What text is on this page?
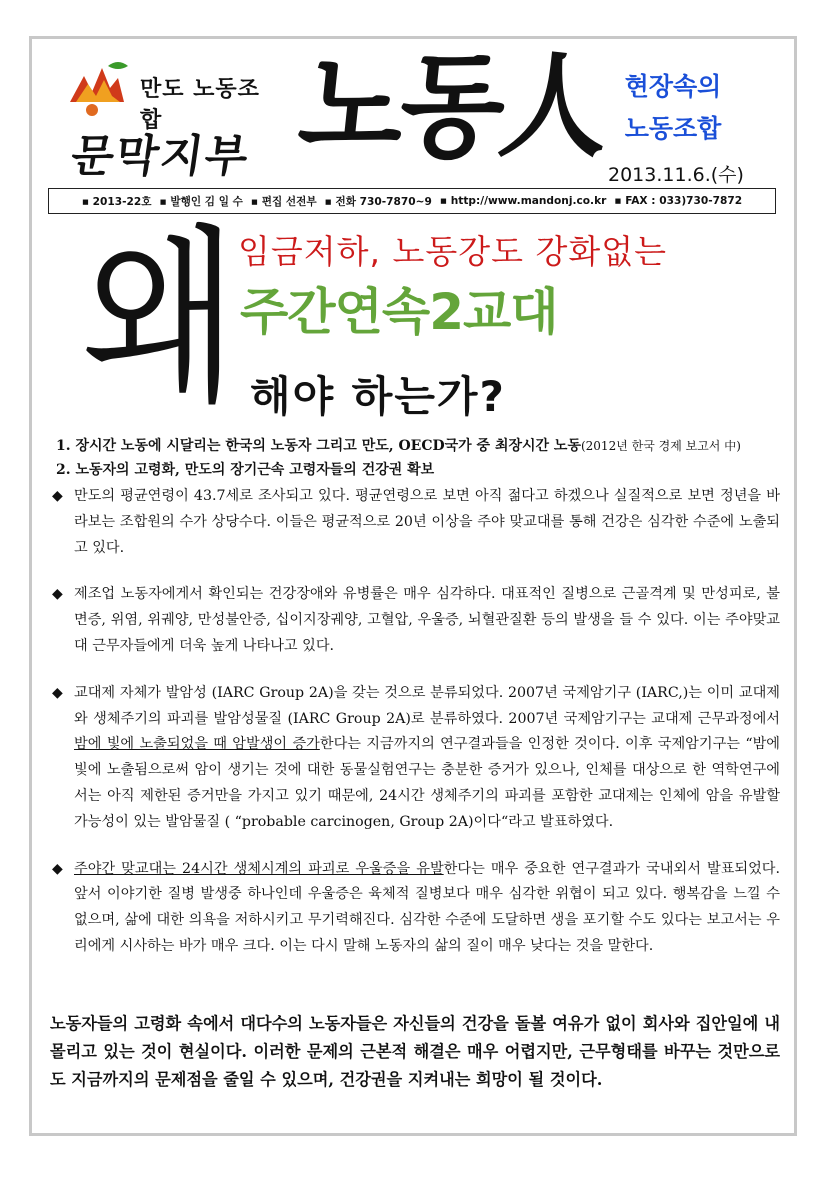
만도 노동조합
문막지부 노동人 현장속의
노동조합
2013.11.6.(수)
▪ 2013-22호 ▪ 발행인 김 일 수 ▪ 편집 선전부 ▪ 전화 730-7870~9 ▪ http://www.mandonj.co.kr ▪ FAX : 033)730-7872
왜 임금저하, 노동강도 강화없는
주간연속2교대
해야 하는가?
1. 장시간 노동에 시달리는 한국의 노동자 그리고 만도, OECD국가 중 최장시간 노동(2012년 한국 경제 보고서 中)
2. 노동자의 고령화, 만도의 장기근속 고령자들의 건강권 확보
◆ 만도의 평균연령이 43.7세로 조사되고 있다. 평균연령으로 보면 아직 젊다고 하겠으나 실질적으로 보면 정년을 바라보는 조합원의 수가 상당수다. 이들은 평균적으로 20년 이상을 주야 맞교대를 통해 건강은 심각한 수준에 노출되고 있다.
◆ 제조업 노동자에게서 확인되는 건강장애와 유병률은 매우 심각하다. 대표적인 질병으로 근골격계 및 만성피로, 불면증, 위염, 위궤양, 만성불안증, 십이지장궤양, 고혈압, 우울증, 뇌혈관질환 등의 발생을 들 수 있다. 이는 주야맞교대 근무자들에게 더욱 높게 나타나고 있다.
◆ 교대제 자체가 발암성 (IARC Group 2A)을 갖는 것으로 분류되었다. 2007년 국제암기구 (IARC,)는 이미 교대제와 생체주기의 파괴를 발암성물질 (IARC Group 2A)로 분류하였다. 2007년 국제암기구는 교대제 근무과정에서 밤에 빛에 노출되었을 때 암발생이 증가한다는 지금까지의 연구결과들을 인정한 것이다. 이후 국제암기구는 “밤에 빛에 노출됨으로써 암이 생기는 것에 대한 동물실험연구는 충분한 증거가 있으나, 인체를 대상으로 한 역학연구에서는 아직 제한된 증거만을 가지고 있기 때문에, 24시간 생체주기의 파괴를 포함한 교대제는 인체에 암을 유발할 가능성이 있는 발암물질 ( “probable carcinogen, Group 2A)이다“라고 발표하였다.
◆ 주야간 맞교대는 24시간 생체시계의 파괴로 우울증을 유발한다는 매우 중요한 연구결과가 국내외서 발표되었다. 앞서 이야기한 질병 발생중 하나인데 우울증은 육체적 질병보다 매우 심각한 위협이 되고 있다. 행복감을 느낄 수 없으며, 삶에 대한 의욕을 저하시키고 무기력해진다. 심각한 수준에 도달하면 생을 포기할 수도 있다는 보고서는 우리에게 시사하는 바가 매우 크다. 이는 다시 말해 노동자의 삶의 질이 매우 낮다는 것을 말한다.
노동자들의 고령화 속에서 대다수의 노동자들은 자신들의 건강을 돌볼 여유가 없이 회사와 집안일에 내몰리고 있는 것이 현실이다. 이러한 문제의 근본적 해결은 매우 어렵지만, 근무형태를 바꾸는 것만으로도 지금까지의 문제점을 줄일 수 있으며, 건강권을 지켜내는 희망이 될 것이다.
